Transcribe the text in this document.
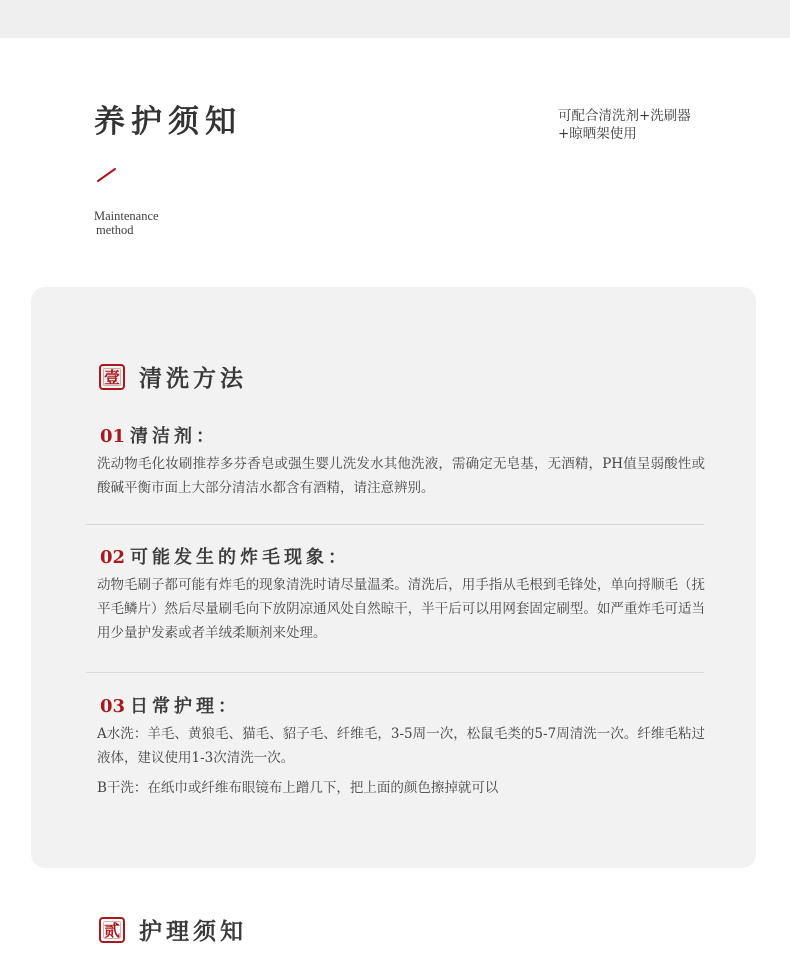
养护须知
Maintenance
method
可配合清洗剂+洗刷器
+晾晒架使用
壹 清洗方法
01 清洁剂：

洗动物毛化妆刷推荐多芬香皂或强生婴儿洗发水其他洗液，需确定无皂基，无酒精，PH值呈弱酸性或酸碱平衡市面上大部分清洁水都含有酒精，请注意辨别。

02 可能发生的炸毛现象：

动物毛刷子都可能有炸毛的现象清洗时请尽量温柔。清洗后，用手指从毛根到毛锋处，单向捋顺毛（抚平毛鳞片）然后尽量刷毛向下放阴凉通风处自然晾干，半干后可以用网套固定刷型。如严重炸毛可适当用少量护发素或者羊绒柔顺剂来处理。

03 日常护理：

A水洗：羊毛、黄狼毛、猫毛、貂子毛、纤维毛，3-5周一次，松鼠毛类的5-7周清洗一次。纤维毛粘过液体，建议使用1-3次清洗一次。

B干洗：在纸巾或纤维布眼镜布上蹭几下，把上面的颜色擦掉就可以

贰 护理须知
